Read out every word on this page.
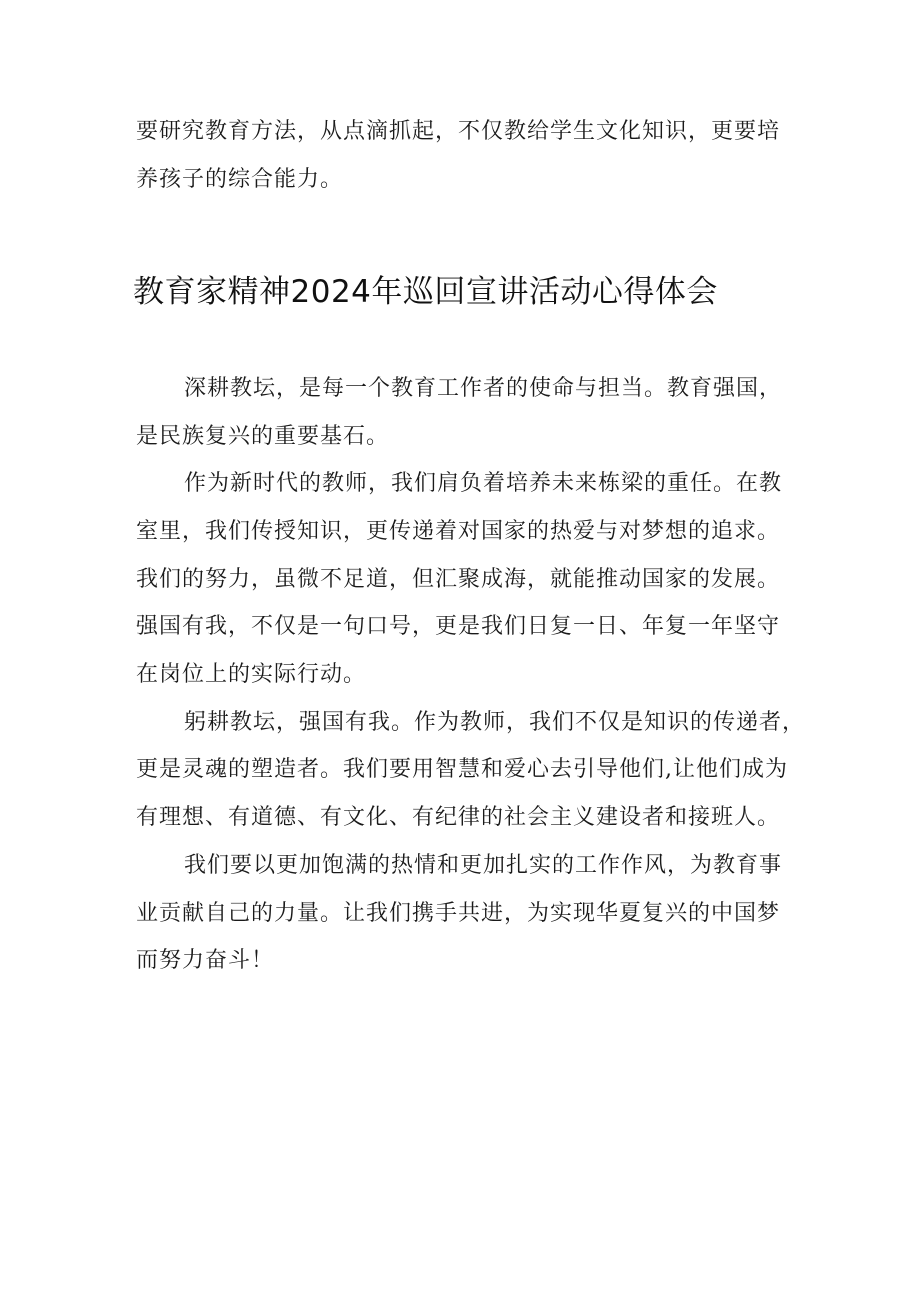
要研究教育方法，从点滴抓起，不仅教给学生文化知识，更要培
养孩子的综合能力。
教育家精神2024年巡回宣讲活动心得体会
深耕教坛，是每一个教育工作者的使命与担当。教育强国，
是民族复兴的重要基石。
作为新时代的教师，我们肩负着培养未来栋梁的重任。在教
室里，我们传授知识，更传递着对国家的热爱与对梦想的追求。
我们的努力，虽微不足道，但汇聚成海，就能推动国家的发展。
强国有我，不仅是一句口号，更是我们日复一日、年复一年坚守
在岗位上的实际行动。
躬耕教坛，强国有我。作为教师，我们不仅是知识的传递者，
更是灵魂的塑造者。我们要用智慧和爱心去引导他们,让他们成为
有理想、有道德、有文化、有纪律的社会主义建设者和接班人。
我们要以更加饱满的热情和更加扎实的工作作风，为教育事
业贡献自己的力量。让我们携手共进，为实现华夏复兴的中国梦
而努力奋斗！
